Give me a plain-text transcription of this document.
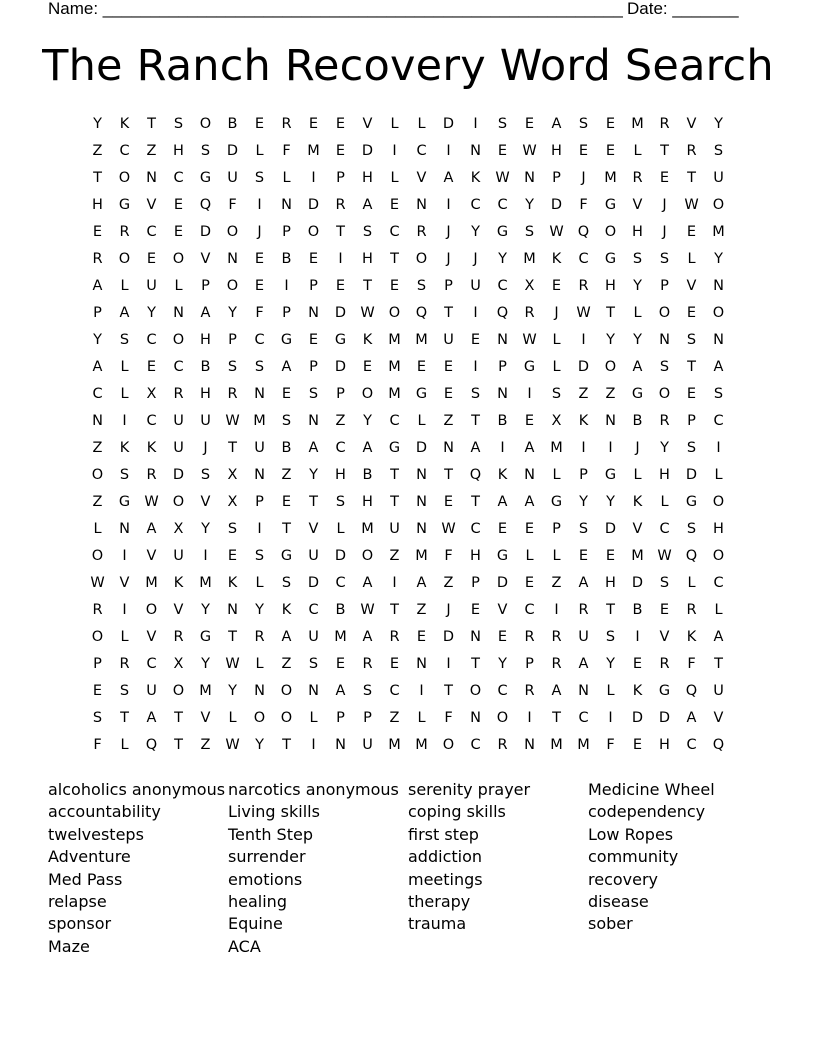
Name: _______________________________________________________ Date: _______
The Ranch Recovery Word Search
Y	K	T	S	O	B	E	R	E	E	V	L	L	D	I	S	E	A	S	E	M	R	V	Y
Z	C	Z	H	S	D	L	F	M	E	D	I	C	I	N	E	W H	E	E	L	T	R	S
T	O	N	C	G	U	S	L	I	P	H	L	V	A	K	W N	P	J	M	R	E	T	U
H	G	V	E	Q	F	I	N	D	R	A	E	N	I	C	C	Y	D	F	G	V	J	W O
E	R	C	E	D	O	J	P	O	T	S	C	R	J	Y	G	S	W Q	O	H	J	E	M
R	O	E	O	V	N	E	B	E	I	H	T	O	J	J	Y	M	K	C	G	S	S	L	Y
A	L	U	L	P	O	E	I	P	E	T	E	S	P	U	C	X	E	R	H	Y	P	V	N
P	A	Y	N	A	Y	F	P	N	D W O	Q	T	I	Q	R	J	W	T	L	O	E	O
Y	S	C	O	H	P	C	G	E	G	K	M M	U	E	N W	L	I	Y	Y	N	S	N
A	L	E	C	B	S	S	A	P	D	E	M	E	E	I	P	G	L	D	O	A	S	T	A
C	L	X	R	H	R	N	E	S	P	O	M	G	E	S	N	I	S	Z	Z	G	O	E	S
N	I	C	U	U	W M	S	N	Z	Y	C	L	Z	T	B	E	X	K	N	B	R	P	C
Z	K	K	U	J	T	U	B	A	C	A	G	D	N	A	I	A	M	I	I	J	Y	S	I
O	S	R	D	S	X	N	Z	Y	H	B	T	N	T	Q	K	N	L	P	G	L	H	D	L
Z	G W O	V	X	P	E	T	S	H	T	N	E	T	A	A	G	Y	Y	K	L	G	O
L	N	A	X	Y	S	I	T	V	L	M	U	N W	C	E	E	P	S	D	V	C	S	H
O	I	V	U	I	E	S	G	U	D	O	Z	M	F	H	G	L	L	E	E	M W Q	O
W	V	M	K	M	K	L	S	D	C	A	I	A	Z	P	D	E	Z	A	H	D	S	L	C
R	I	O	V	Y	N	Y	K	C	B	W	T	Z	J	E	V	C	I	R	T	B	E	R	L
O	L	V	R	G	T	R	A	U	M	A	R	E	D	N	E	R	R	U	S	I	V	K	A
P	R	C	X	Y	W	L	Z	S	E	R	E	N	I	T	Y	P	R	A	Y	E	R	F	T
E	S	U	O	M	Y	N	O	N	A	S	C	I	T	O	C	R	A	N	L	K	G	Q	U
S	T	A	T	V	L	O	O	L	P	P	Z	L	F	N	O	I	T	C	I	D	D	A	V
F	L	Q	T	Z	W	Y	T	I	N	U	M M	O	C	R	N	M M	F	E	H	C	Q
alcoholics anonymous
accountability
twelvesteps
Adventure
Med Pass
relapse
sponsor
Maze
narcotics anonymous
Living skills
Tenth Step
surrender
emotions
healing
Equine
ACA
serenity prayer
coping skills
first step
addiction
meetings
therapy
trauma
Medicine Wheel
codependency
Low Ropes
community
recovery
disease
sober
